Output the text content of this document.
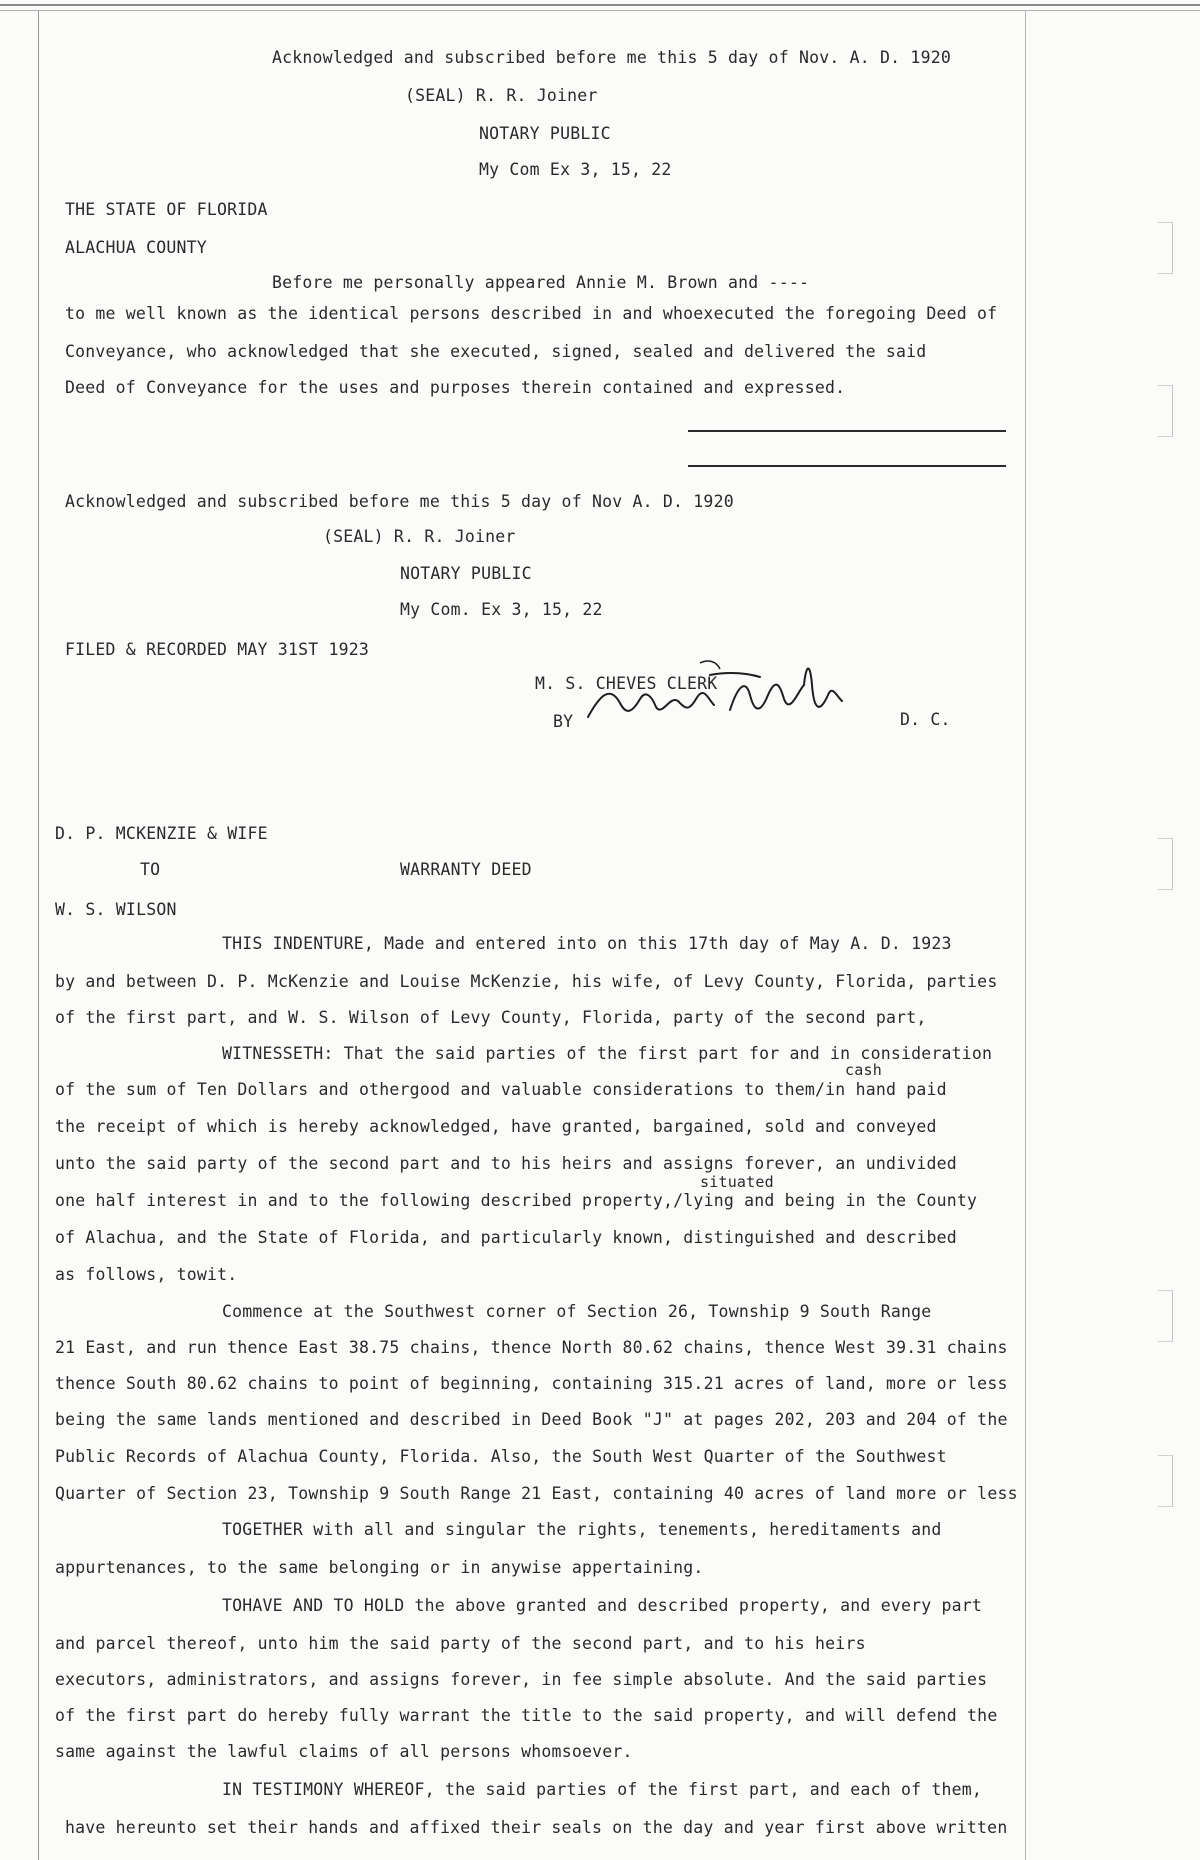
Acknowledged and subscribed before me this 5 day of Nov. A. D. 1920
(SEAL) R. R. Joiner
NOTARY PUBLIC
My Com Ex 3, 15, 22
THE STATE OF FLORIDA
ALACHUA COUNTY
Before me personally appeared Annie M. Brown and ----
to me well known as the identical persons described in and whoexecuted the foregoing Deed of
Conveyance, who acknowledged that she executed, signed, sealed and delivered the said
Deed of Conveyance for the uses and purposes therein contained and expressed.
Acknowledged and subscribed before me this 5 day of Nov A. D. 1920
(SEAL) R. R. Joiner
NOTARY PUBLIC
My Com. Ex 3, 15, 22
FILED & RECORDED MAY 31ST 1923
M. S. CHEVES CLERK
BY	D. C.
D. P. MCKENZIE & WIFE
TO	WARRANTY DEED
W. S. WILSON
cash
situated
THIS INDENTURE, Made and entered into on this 17th day of May A. D. 1923
by and between D. P. McKenzie and Louise McKenzie, his wife, of Levy County, Florida, parties
of the first part, and W. S. Wilson of Levy County, Florida, party of the second part,
WITNESSETH: That the said parties of the first part for and in consideration
of the sum of Ten Dollars and othergood and valuable considerations to them/in hand paid
the receipt of which is hereby acknowledged, have granted, bargained, sold and conveyed
unto the said party of the second part and to his heirs and assigns forever, an undivided
one half interest in and to the following described property,/lying and being in the County
of Alachua, and the State of Florida, and particularly known, distinguished and described
as follows, towit.
Commence at the Southwest corner of Section 26, Township 9 South Range
21 East, and run thence East 38.75 chains, thence North 80.62 chains, thence West 39.31 chains
thence South 80.62 chains to point of beginning, containing 315.21 acres of land, more or less
being the same lands mentioned and described in Deed Book "J" at pages 202, 203 and 204 of the
Public Records of Alachua County, Florida. Also, the South West Quarter of the Southwest
Quarter of Section 23, Township 9 South Range 21 East, containing 40 acres of land more or less
TOGETHER with all and singular the rights, tenements, hereditaments and
appurtenances, to the same belonging or in anywise appertaining.
TOHAVE AND TO HOLD the above granted and described property, and every part
and parcel thereof, unto him the said party of the second part, and to his heirs
executors, administrators, and assigns forever, in fee simple absolute. And the said parties
of the first part do hereby fully warrant the title to the said property, and will defend the
same against the lawful claims of all persons whomsoever.
IN TESTIMONY WHEREOF, the said parties of the first part, and each of them,
have hereunto set their hands and affixed their seals on the day and year first above written
